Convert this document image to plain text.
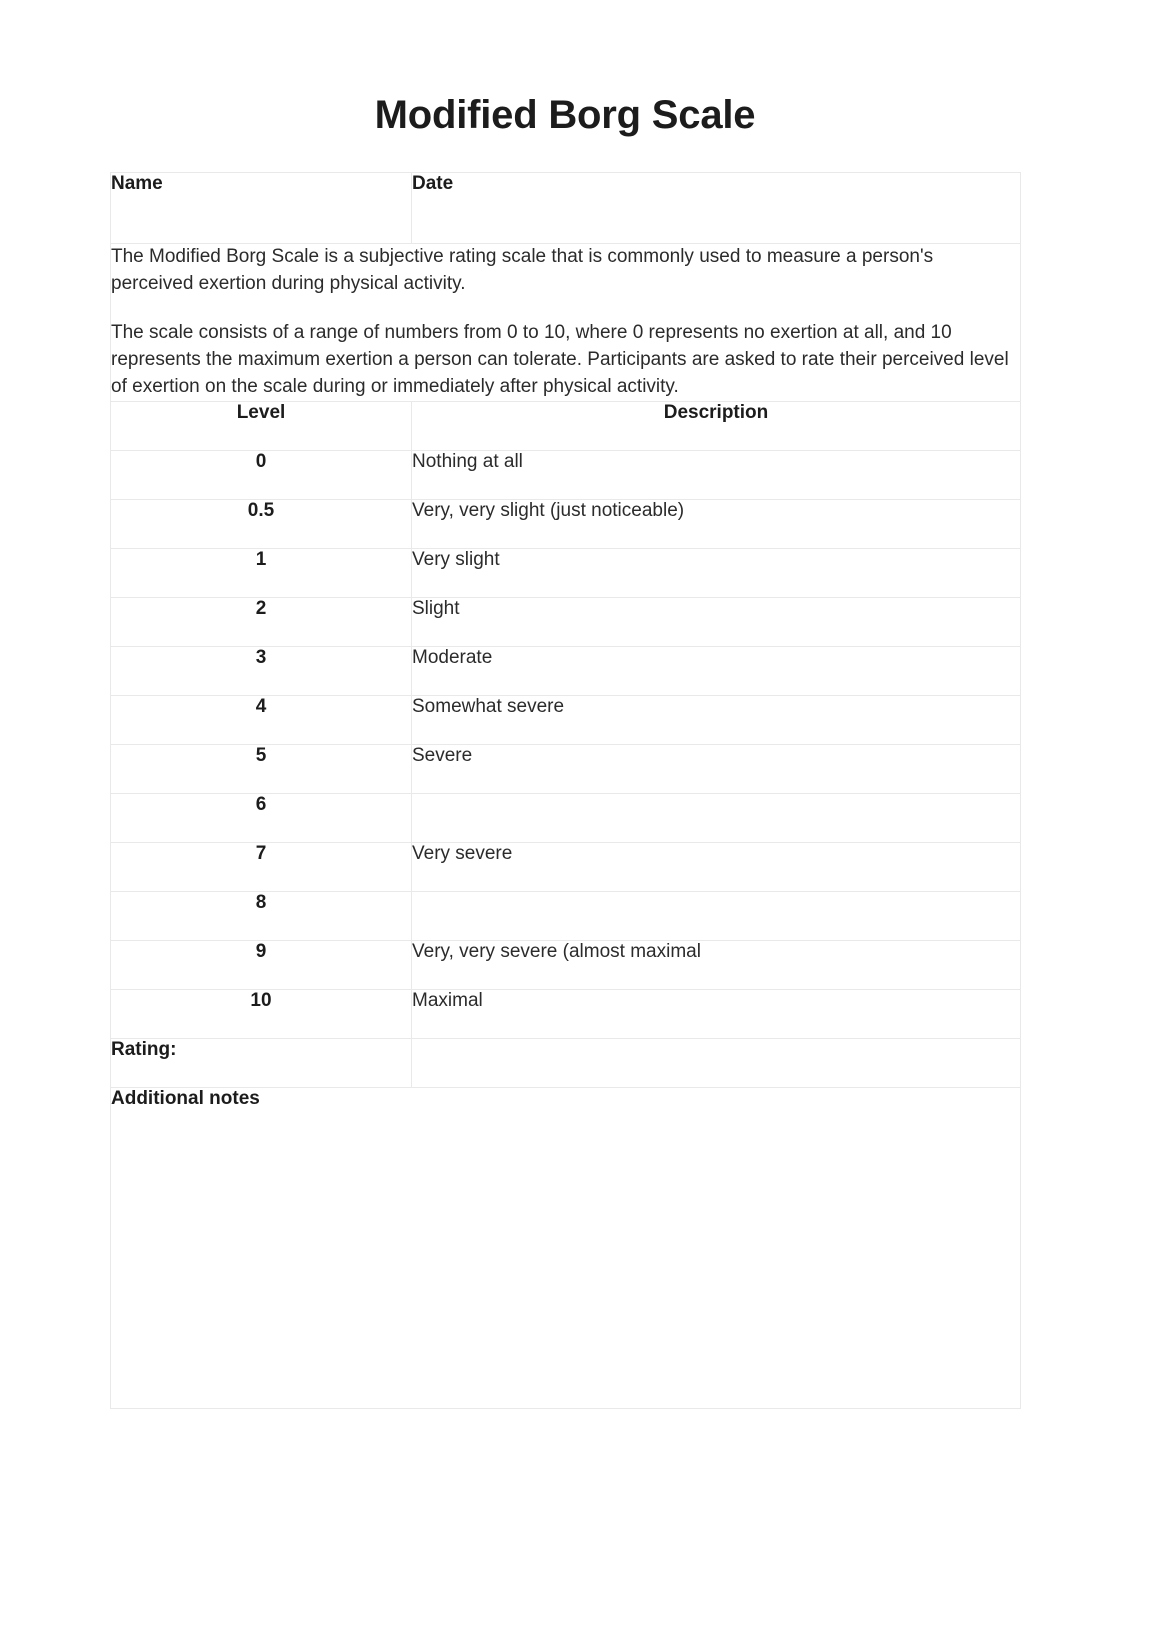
Modified Borg Scale
Name	Date

The Modified Borg Scale is a subjective rating scale that is commonly used to measure a person's perceived exertion during physical activity.

The scale consists of a range of numbers from 0 to 10, where 0 represents no exertion at all, and 10 represents the maximum exertion a person can tolerate. Participants are asked to rate their perceived level of exertion on the scale during or immediately after physical activity.	

Level	Description
0	Nothing at all
0.5	Very, very slight (just noticeable)
1	Very slight
2	Slight
3	Moderate
4	Somewhat severe
5	Severe
6	
7	Very severe
8	
9	Very, very severe (almost maximal
10	Maximal
Rating:	
Additional notes	
